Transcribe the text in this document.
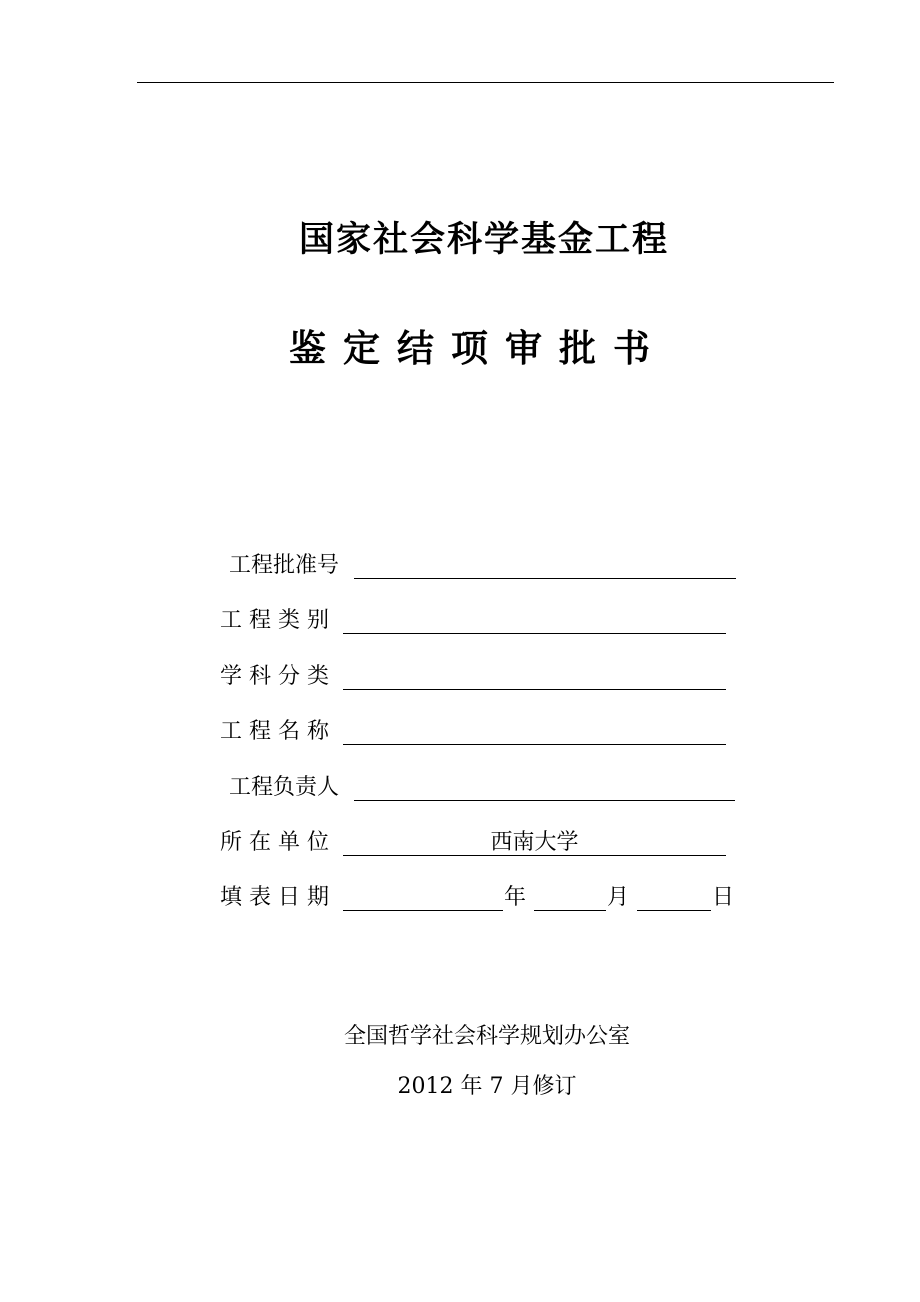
国家社会科学基金工程
鉴定结项审批书
工程批准号
工 程 类 别
学 科 分 类
工 程 名 称
工程负责人
所 在 单 位	西南大学
填 表 日 期	年	月	日
全国哲学社会科学规划办公室
2012 年 7 月修订
